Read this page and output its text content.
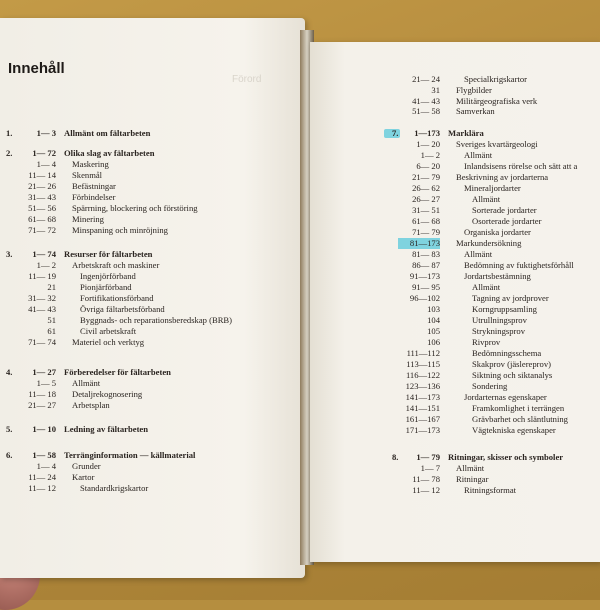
Innehåll
Förord
1.	1— 3 Allmänt om fältarbeten
2.	1— 72 Olika slag av fältarbeten
1— 4 Maskering
11— 14 Skenmål
21— 26 Befästningar
31— 43 Förbindelser
51— 56 Spärrning, blockering och förstöring
61— 68 Minering
71— 72 Minspaning och minröjning
3.	1— 74 Resurser för fältarbeten
1— 2 Arbetskraft och maskiner
11— 19	Ingenjörförband
21	Pionjärförband
31— 32	Fortifikationsförband
41— 43	Övriga fältarbetsförband
51	Byggnads- och reparationsberedskap (BRB)
61	Civil arbetskraft
71— 74 Materiel och verktyg
4.	1— 27 Förberedelser för fältarbeten
1— 5 Allmänt
11— 18 Detaljrekognosering
21— 27 Arbetsplan
5.	1— 10 Ledning av fältarbeten
6.	1— 58 Terränginformation — källmaterial
1— 4 Grunder
11— 24 Kartor
11— 12	Standardkrigskartor
21— 24	Specialkrigskartor
31 Flygbilder
41— 43 Militärgeografiska verk
51— 58 Samverkan
7.	1—173 Marklära
1— 20 Sveriges kvartärgeologi
1— 2	Allmänt
6— 20	Inlandsisens rörelse och sätt att a
21— 79 Beskrivning av jordarterna
26— 62	Mineraljordarter
26— 27	Allmänt
31— 51	Sorterade jordarter
61— 68	Osorterade jordarter
71— 79	Organiska jordarter
81—173 Markundersökning
81— 83	Allmänt
86— 87	Bedömning av fuktighetsförhåll
91—173	Jordartsbestämning
91— 95	Allmänt
96—102	Tagning av jordprover
103	Korngruppsamling
104	Utrullningsprov
105	Strykningsprov
106	Rivprov
111—112	Bedömningsschema
113—115	Skakprov (jäslereprov)
116—122	Siktning och siktanalys
123—136	Sondering
141—173	Jordarternas egenskaper
141—151	Framkomlighet i terrängen
161—167	Grävbarhet och släntlutning
171—173	Vägtekniska egenskaper
8.	1— 79 Ritningar, skisser och symboler
1— 7 Allmänt
11— 78 Ritningar
11— 12	Ritningsformat
